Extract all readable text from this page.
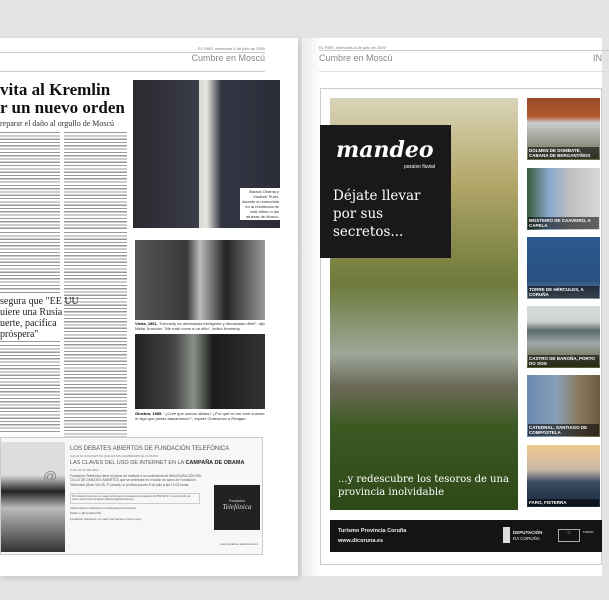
EL PAÍS, miércoles 8 de julio de 2009
Cumbre en Moscú
vita al Kremlin
r un nuevo orden
reparar el daño al orgullo de Moscú
segura que "EE UU
uiere una Rusia
uerte, pacífica
próspera"
Barack Obama y Vladímir Putin, durante su entrevista en la residencia de este último a las afueras de Moscú.
Viena, 1961. "Kennedy es demasiado inteligente y demasiado débil", dijo Nikita Jruschov. "Me trató como a un niño", indicó Kennedy.
Ginebra, 1985. "¿Cree que somos idiotas? ¿Por qué no me cree cuando le digo que jamás atacaremos?", espetó Gorbachov a Reagan.
@
LOS DEBATES ABIERTOS DE FUNDACIÓN TELEFÓNICA
CICLO 10 CONCEPTOS QUE ESTÁN CAMBIANDO EL FUTURO
LAS CLAVES DEL USO DE INTERNET EN LA CAMPAÑA DE OBAMA
9 DE JULIO DE 2009
Fundación Telefónica tiene el placer de invitarle a la conferencia de INAUGURACIÓN DEL CICLO DE DEBATES ABIERTOS que se celebrará en el salón de actos de Fundación Telefónica (Gran Vía 28, 2ª planta), el próximo jueves 9 de julio a las 12.00 horas.
Por limitación de aforo se ruega confirmación de asistencia al teléfono 91 584 89 02 o a la dirección de correo electrónico fundacion.telefonica@telefonica.es
www.fundacion.telefonica.com/debatesyconocimiento
Twitter a @FundacionTef
Fundación Telefónica. Un paso más hacia un futuro mejor
www.fundacion.telefonica.com
Fundación
Telefónica
EL PAÍS, miércoles 8 de julio de 2009
Cumbre en Moscú	IN
mandeo
paraíso fluvial
Déjate llevar por sus secretos...
...y redescubre los tesoros de una provincia inolvidable
DOLMEN DE DOMBATE, CABANA DE BERGANTIÑOS
MOSTEIRO DE CAAVEIRO, A CAPELA
TORRE DE HÉRCULES, A CORUÑA
CASTRO DE BAROÑA, PORTO DO SON
CATEDRAL, SANTIAGO DE COMPOSTELA
FARO, FISTERRA
Turismo Provincia Coruña
www.dicoruna.es
DEPUTACIÓN
DA CORUÑA
☆	FONDO
